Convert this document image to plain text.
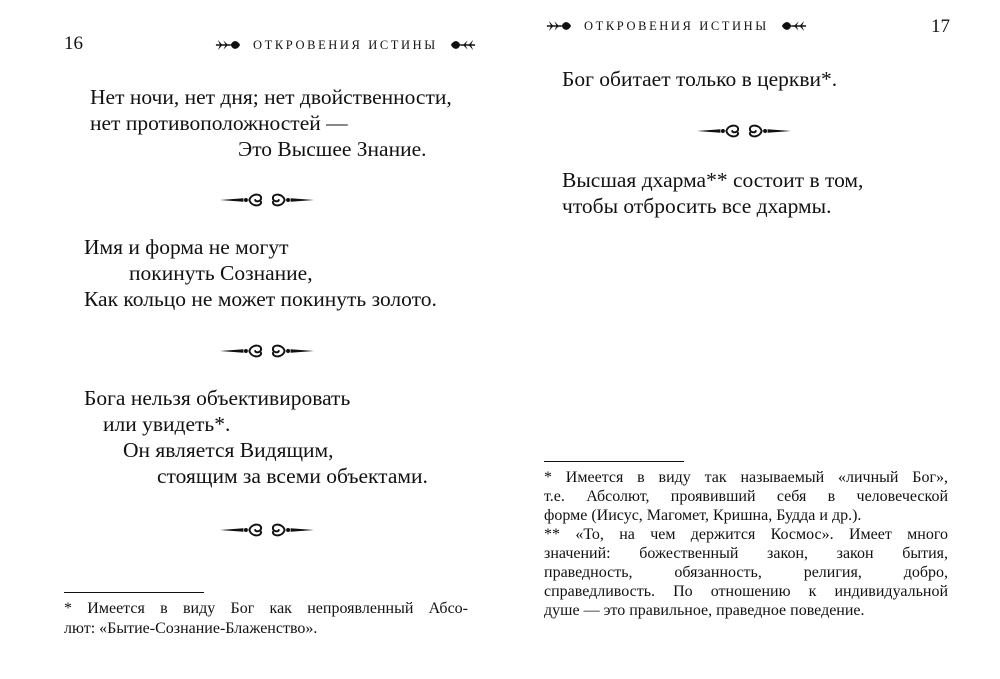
16	ОТКРОВЕНИЯ ИСТИНЫ
Нет ночи, нет дня; нет двойственности,
нет противоположностей —
Это Высшее Знание.
Имя и форма не могут
покинуть Сознание,
Как кольцо не может покинуть золото.
Бога нельзя объективировать
или увидеть*.
Он является Видящим,
стоящим за всеми объектами.
* Имеется в виду Бог как непроявленный Абсо-
лют: «Бытие-Сознание-Блаженство».
ОТКРОВЕНИЯ ИСТИНЫ	17
Бог обитает только в церкви*.
Высшая дхарма** состоит в том,
чтобы отбросить все дхармы.
* Имеется в виду так называемый «личный Бог»,
т.е. Абсолют, проявивший себя в человеческой
форме (Иисус, Магомет, Кришна, Будда и др.).
** «То, на чем держится Космос». Имеет много
значений: божественный закон, закон бытия,
праведность, обязанность, религия, добро,
справедливость. По отношению к индивидуальной
душе — это правильное, праведное поведение.
